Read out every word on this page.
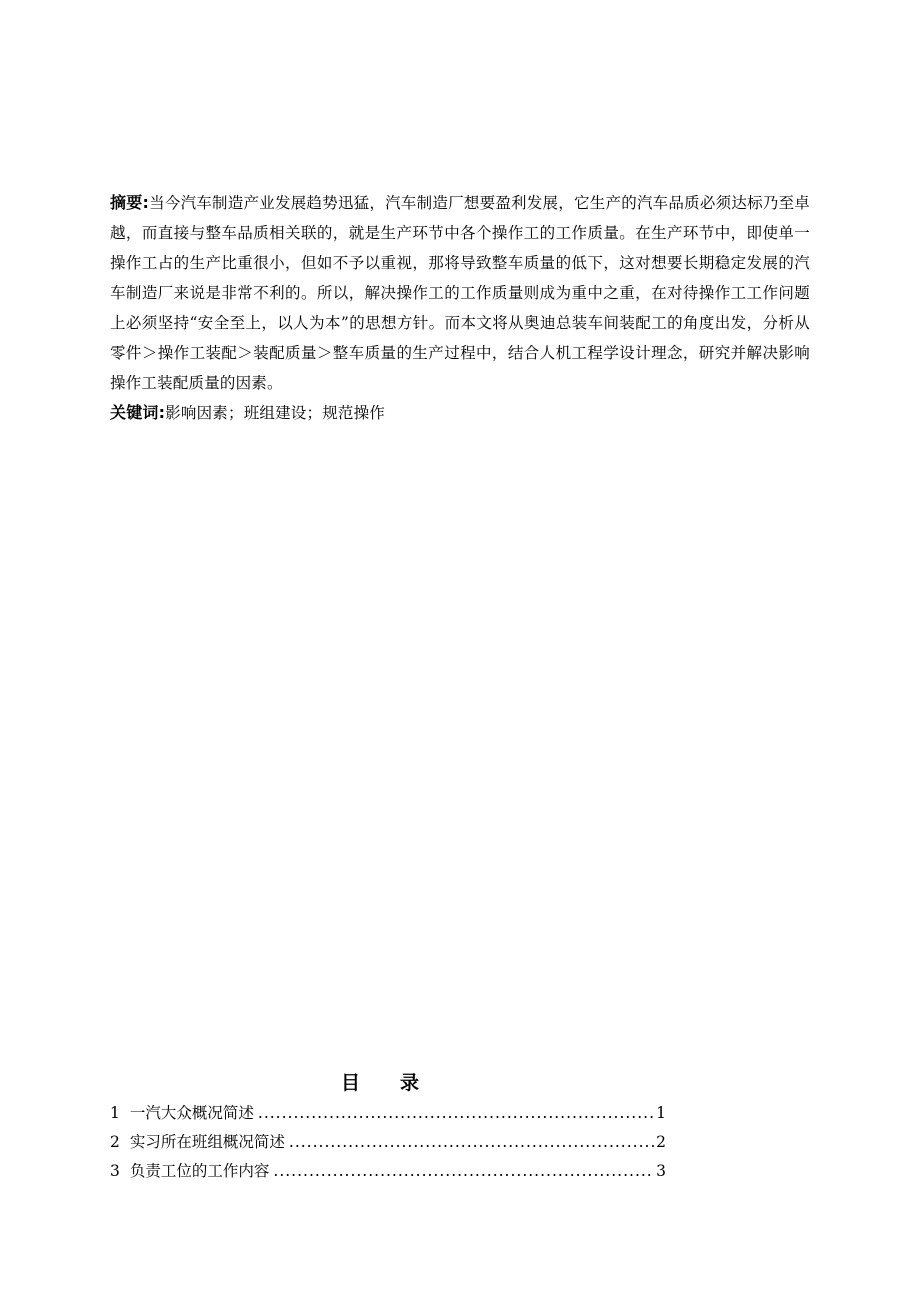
摘要:当今汽车制造产业发展趋势迅猛，汽车制造厂想要盈利发展，它生产的汽车品质必须达标乃至卓越，而直接与整车品质相关联的，就是生产环节中各个操作工的工作质量。在生产环节中，即使单一操作工占的生产比重很小，但如不予以重视，那将导致整车质量的低下，这对想要长期稳定发展的汽车制造厂来说是非常不利的。所以，解决操作工的工作质量则成为重中之重，在对待操作工工作问题上必须坚持“安全至上，以人为本”的思想方针。而本文将从奥迪总装车间装配工的角度出发，分析从零件＞操作工装配＞装配质量＞整车质量的生产过程中，结合人机工程学设计理念，研究并解决影响操作工装配质量的因素。

关键词:影响因素；班组建设；规范操作

目录
1 一汽大众概况简述 .....	1
2 实习所在班组概况简述 .....	2
3 负责工位的工作内容 .....	3
